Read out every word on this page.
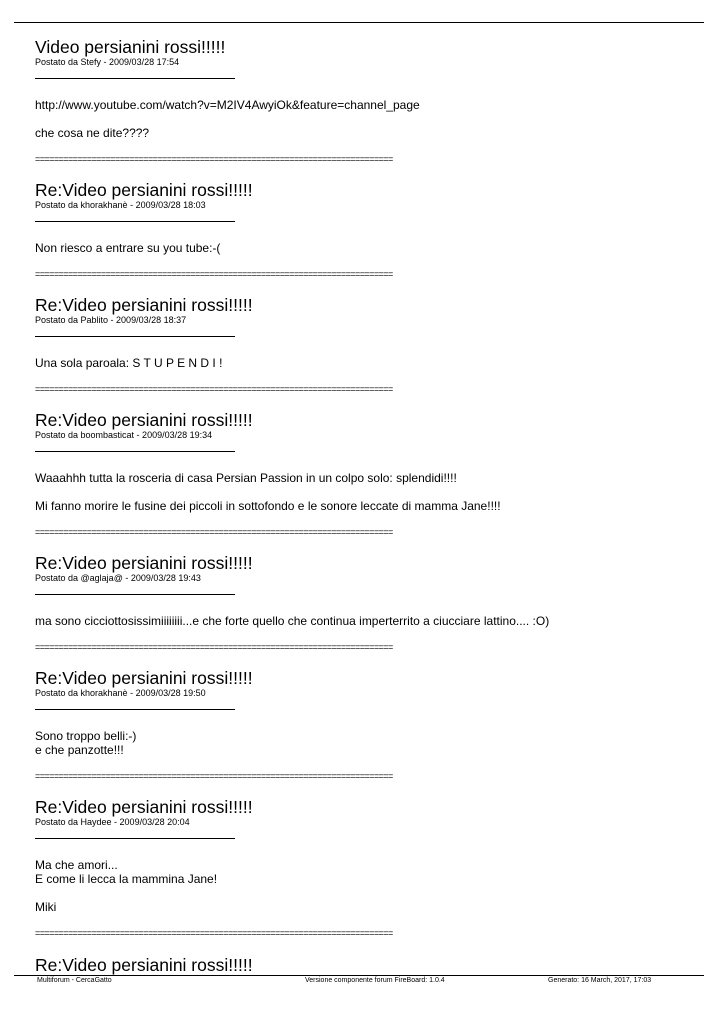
Video persianini rossi!!!!!
Postato da Stefy - 2009/03/28 17:54

http://www.youtube.com/watch?v=M2IV4AwyiOk&feature=channel_page

che cosa ne dite????

============================================================================
Re:Video persianini rossi!!!!!
Postato da khorakhanè - 2009/03/28 18:03

Non riesco a entrare su you tube:-(

============================================================================
Re:Video persianini rossi!!!!!
Postato da Pablito - 2009/03/28 18:37

Una sola paroala: S T U P E N D I !

============================================================================
Re:Video persianini rossi!!!!!
Postato da boombasticat - 2009/03/28 19:34

Waaahhh tutta la rosceria di casa Persian Passion in un colpo solo: splendidi!!!!

Mi fanno morire le fusine dei piccoli in sottofondo e le sonore leccate di mamma Jane!!!!

============================================================================
Re:Video persianini rossi!!!!!
Postato da @aglaja@ - 2009/03/28 19:43

ma sono cicciottosissimiiiiiiii...e che forte quello che continua imperterrito a ciucciare lattino.... :O)

============================================================================
Re:Video persianini rossi!!!!!
Postato da khorakhanè - 2009/03/28 19:50

Sono troppo belli:-)

e che panzotte!!!

============================================================================
Re:Video persianini rossi!!!!!
Postato da Haydee - 2009/03/28 20:04

Ma che amori...

E come li lecca la mammina Jane!

Miki

============================================================================
Re:Video persianini rossi!!!!!
Multiforum - CercaGatto	Versione componente forum FireBoard: 1.0.4	Generato: 16 March, 2017, 17:03
